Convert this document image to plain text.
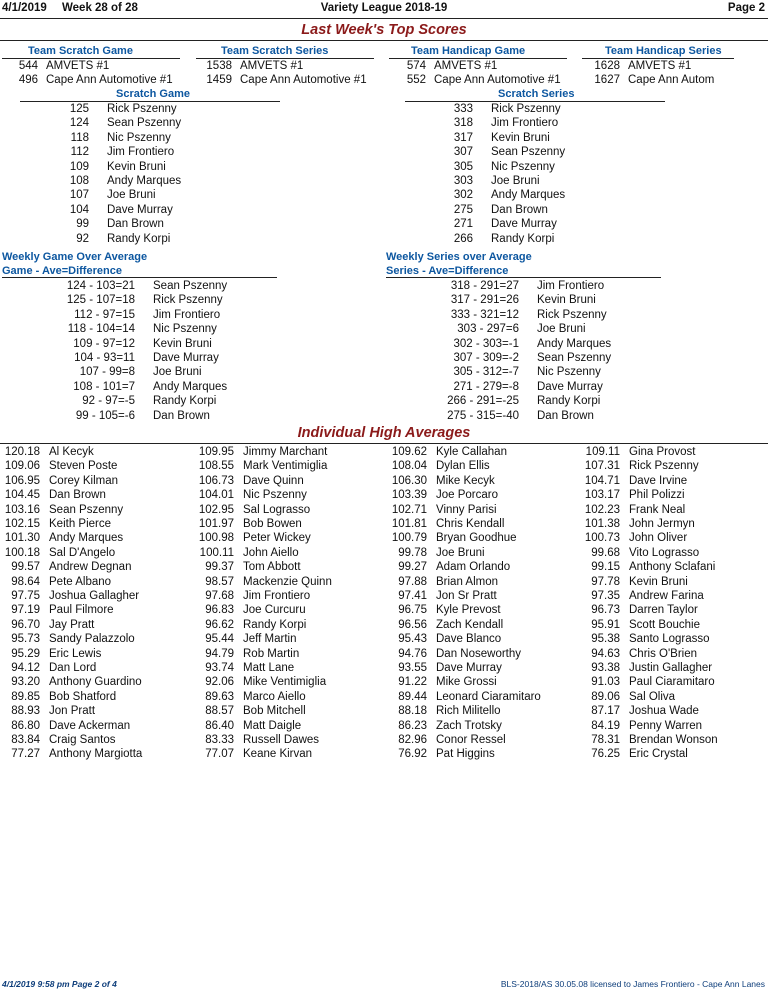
4/1/2019 Week 28 of 28	Variety League 2018-19	Page 2
Last Week's Top Scores
Team Scratch Game	Team Scratch Series	Team Handicap Game	Team Handicap Series
544 AMVETS #1
496 Cape Ann Automotive #1
1538 AMVETS #1
1459 Cape Ann Automotive #1
574 AMVETS #1
552 Cape Ann Automotive #1
1628 AMVETS #1
1627 Cape Ann Autom
Scratch Game	Scratch Series
125 Rick Pszenny
124 Sean Pszenny
118 Nic Pszenny
112 Jim Frontiero
109 Kevin Bruni
108 Andy Marques
107 Joe Bruni
104 Dave Murray
99 Dan Brown
92 Randy Korpi
333 Rick Pszenny
318 Jim Frontiero
317 Kevin Bruni
307 Sean Pszenny
305 Nic Pszenny
303 Joe Bruni
302 Andy Marques
275 Dan Brown
271 Dave Murray
266 Randy Korpi
Weekly Game Over Average
Game - Ave=Difference
Weekly Series over Average
Series - Ave=Difference
124 - 103=21 Sean Pszenny
125 - 107=18 Rick Pszenny
112 - 97=15 Jim Frontiero
118 - 104=14 Nic Pszenny
109 - 97=12 Kevin Bruni
104 - 93=11 Dave Murray
107 - 99=8 Joe Bruni
108 - 101=7 Andy Marques
92 - 97=-5 Randy Korpi
99 - 105=-6 Dan Brown
318 - 291=27 Jim Frontiero
317 - 291=26 Kevin Bruni
333 - 321=12 Rick Pszenny
303 - 297=6 Joe Bruni
302 - 303=-1 Andy Marques
307 - 309=-2 Sean Pszenny
305 - 312=-7 Nic Pszenny
271 - 279=-8 Dave Murray
266 - 291=-25 Randy Korpi
275 - 315=-40 Dan Brown
Individual High Averages
120.18 Al Kecyk
109.06 Steven Poste
106.95 Corey Kilman
104.45 Dan Brown
103.16 Sean Pszenny
102.15 Keith Pierce
101.30 Andy Marques
100.18 Sal D'Angelo
99.57 Andrew Degnan
98.64 Pete Albano
97.75 Joshua Gallagher
97.19 Paul Filmore
96.70 Jay Pratt
95.73 Sandy Palazzolo
95.29 Eric Lewis
94.12 Dan Lord
93.20 Anthony Guardino
89.85 Bob Shatford
88.93 Jon Pratt
86.80 Dave Ackerman
83.84 Craig Santos
77.27 Anthony Margiotta
109.95 Jimmy Marchant
108.55 Mark Ventimiglia
106.73 Dave Quinn
104.01 Nic Pszenny
102.95 Sal Lograsso
101.97 Bob Bowen
100.98 Peter Wickey
100.11 John Aiello
99.37 Tom Abbott
98.57 Mackenzie Quinn
97.68 Jim Frontiero
96.83 Joe Curcuru
96.62 Randy Korpi
95.44 Jeff Martin
94.79 Rob Martin
93.74 Matt Lane
92.06 Mike Ventimiglia
89.63 Marco Aiello
88.57 Bob Mitchell
86.40 Matt Daigle
83.33 Russell Dawes
77.07 Keane Kirvan
109.62 Kyle Callahan
108.04 Dylan Ellis
106.30 Mike Kecyk
103.39 Joe Porcaro
102.71 Vinny Parisi
101.81 Chris Kendall
100.79 Bryan Goodhue
99.78 Joe Bruni
99.27 Adam Orlando
97.88 Brian Almon
97.41 Jon Sr Pratt
96.75 Kyle Prevost
96.56 Zach Kendall
95.43 Dave Blanco
94.76 Dan Noseworthy
93.55 Dave Murray
91.22 Mike Grossi
89.44 Leonard Ciaramitaro
88.18 Rich Militello
86.23 Zach Trotsky
82.96 Conor Ressel
76.92 Pat Higgins
109.11 Gina Provost
107.31 Rick Pszenny
104.71 Dave Irvine
103.17 Phil Polizzi
102.23 Frank Neal
101.38 John Jermyn
100.73 John Oliver
99.68 Vito Lograsso
99.15 Anthony Sclafani
97.78 Kevin Bruni
97.35 Andrew Farina
96.73 Darren Taylor
95.91 Scott Bouchie
95.38 Santo Lograsso
94.63 Chris O'Brien
93.38 Justin Gallagher
91.03 Paul Ciaramitaro
89.06 Sal Oliva
87.17 Joshua Wade
84.19 Penny Warren
78.31 Brendan Wonson
76.25 Eric Crystal
4/1/2019 9:58 pm Page 2 of 4	BLS-2018/AS 30.05.08 licensed to James Frontiero - Cape Ann Lanes
